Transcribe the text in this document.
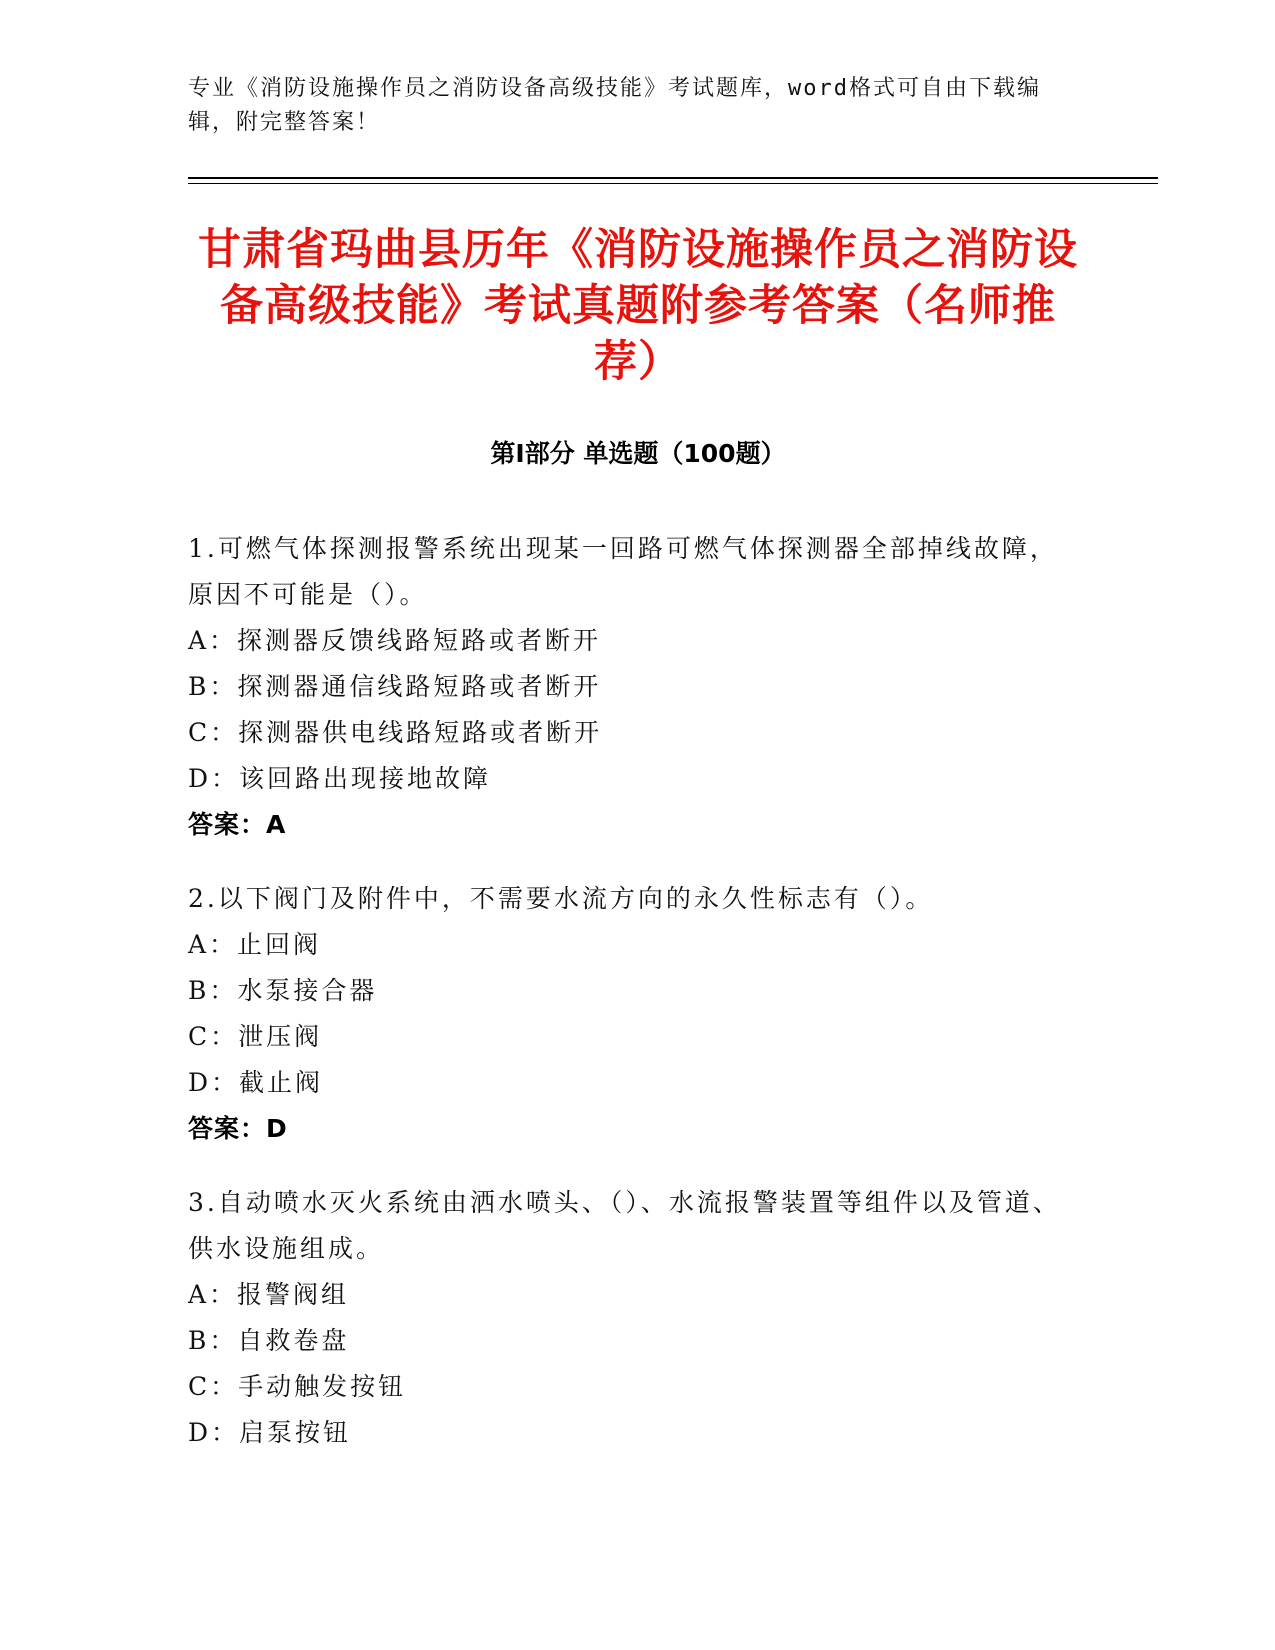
专业《消防设施操作员之消防设备高级技能》考试题库，word格式可自由下载编辑，附完整答案！
甘肃省玛曲县历年《消防设施操作员之消防设备高级技能》考试真题附参考答案（名师推荐）
第Ⅰ部分 单选题（100题）
1.可燃气体探测报警系统出现某一回路可燃气体探测器全部掉线故障，原因不可能是（）。
A：探测器反馈线路短路或者断开
B：探测器通信线路短路或者断开
C：探测器供电线路短路或者断开
D：该回路出现接地故障
答案：A
2.以下阀门及附件中，不需要水流方向的永久性标志有（）。
A：止回阀
B：水泵接合器
C：泄压阀
D：截止阀
答案：D
3.自动喷水灭火系统由洒水喷头、（）、水流报警装置等组件以及管道、供水设施组成。
A：报警阀组
B：自救卷盘
C：手动触发按钮
D：启泵按钮
